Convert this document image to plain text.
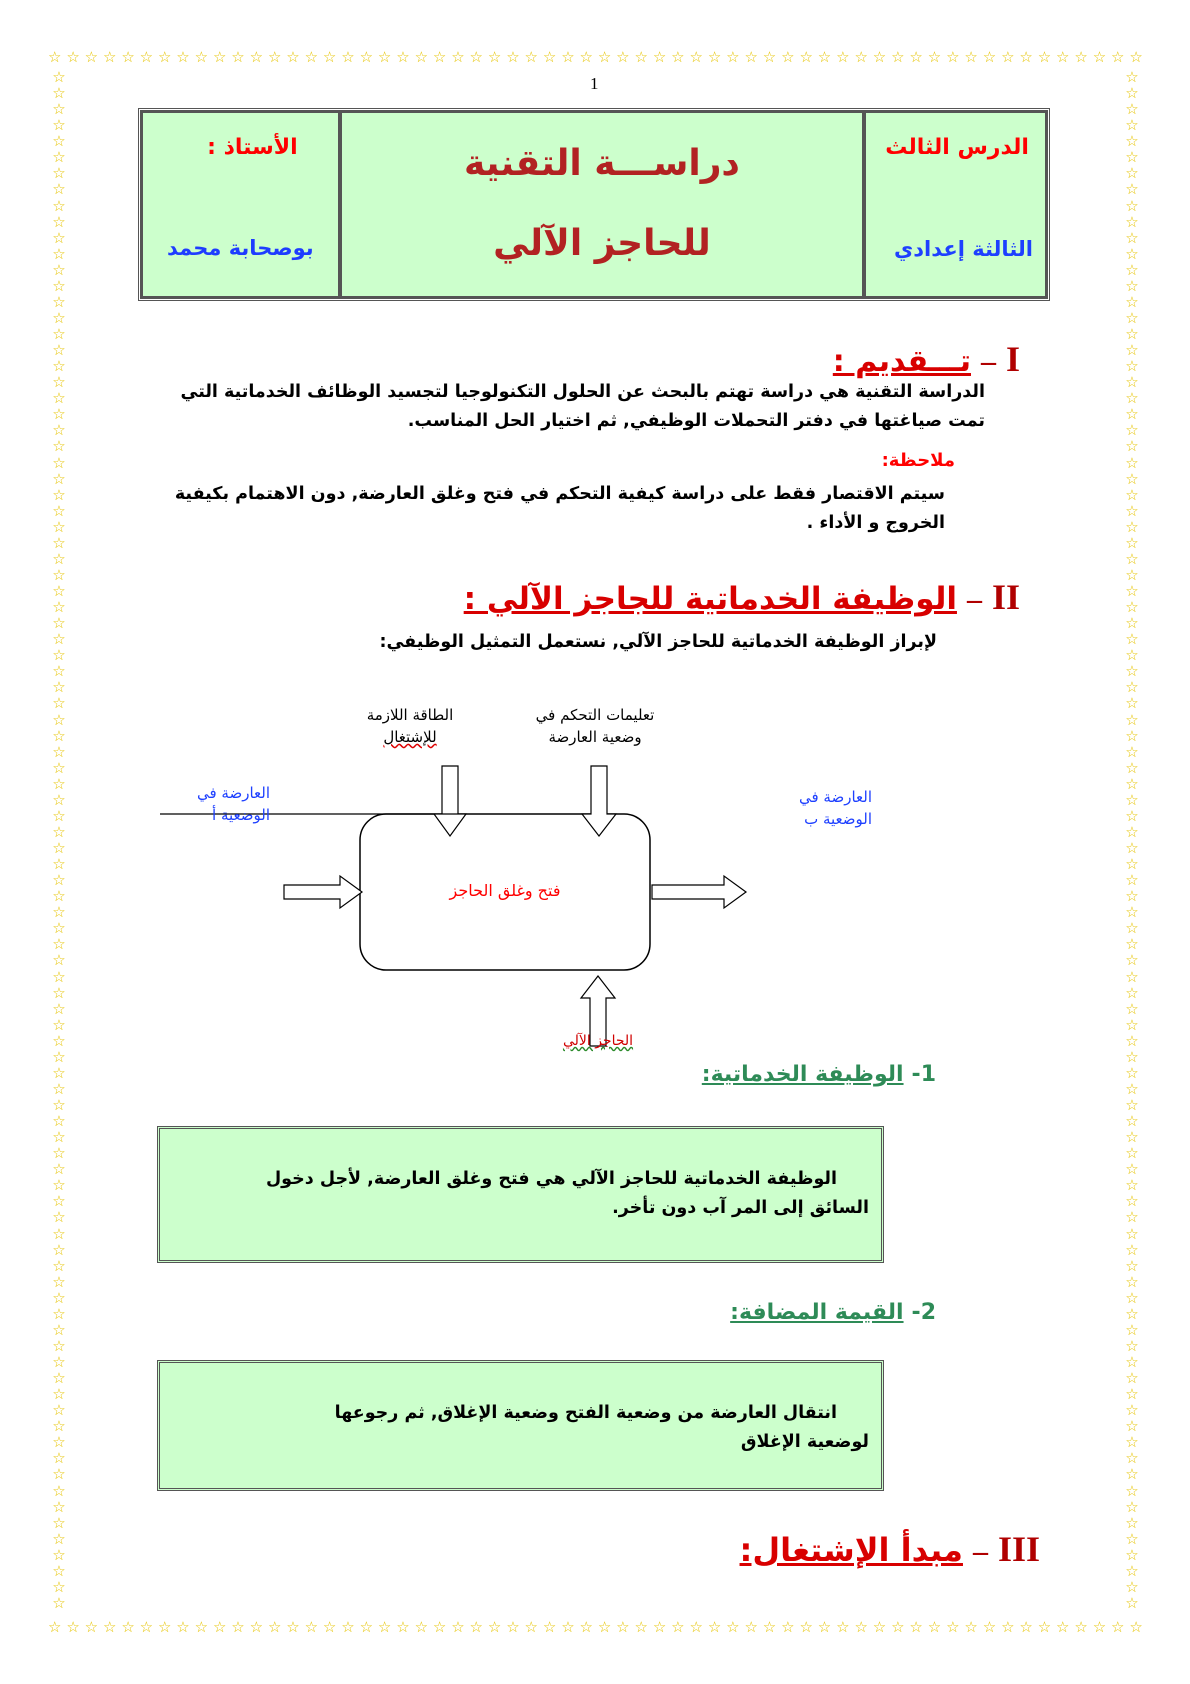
☆ ☆ ☆ ☆ ☆ ☆ ☆ ☆ ☆ ☆ ☆ ☆ ☆ ☆ ☆ ☆ ☆ ☆ ☆ ☆ ☆ ☆ ☆ ☆ ☆ ☆ ☆ ☆ ☆ ☆ ☆ ☆ ☆ ☆ ☆ ☆ ☆ ☆ ☆ ☆ ☆ ☆ ☆ ☆ ☆ ☆ ☆ ☆ ☆ ☆ ☆ ☆ ☆ ☆ ☆ ☆ ☆ ☆ ☆ ☆
☆ ☆ ☆ ☆ ☆ ☆ ☆ ☆ ☆ ☆ ☆ ☆ ☆ ☆ ☆ ☆ ☆ ☆ ☆ ☆ ☆ ☆ ☆ ☆ ☆ ☆ ☆ ☆ ☆ ☆ ☆ ☆ ☆ ☆ ☆ ☆ ☆ ☆ ☆ ☆ ☆ ☆ ☆ ☆ ☆ ☆ ☆ ☆ ☆ ☆ ☆ ☆ ☆ ☆ ☆ ☆ ☆ ☆ ☆ ☆
☆
☆
☆
☆
☆
☆
☆
☆
☆
☆
☆
☆
☆
☆
☆
☆
☆
☆
☆
☆
☆
☆
☆
☆
☆
☆
☆
☆
☆
☆
☆
☆
☆
☆
☆
☆
☆
☆
☆
☆
☆
☆
☆
☆
☆
☆
☆
☆
☆
☆
☆
☆
☆
☆
☆
☆
☆
☆
☆
☆
☆
☆
☆
☆
☆
☆
☆
☆
☆
☆
☆
☆
☆
☆
☆
☆
☆
☆
☆
☆
☆
☆
☆
☆
☆
☆
☆
☆
☆
☆
☆
☆
☆
☆
☆
☆
☆
☆
☆
☆
☆
☆
☆
☆
☆
☆
☆
☆
☆
☆
☆
☆
☆
☆
☆
☆
☆
☆
☆
☆
☆
☆
☆
☆
☆
☆
☆
☆
☆
☆
☆
☆
☆
☆
☆
☆
☆
☆
☆
☆
☆
☆
☆
☆
☆
☆
☆
☆
☆
☆
☆
☆
☆
☆
☆
☆
☆
☆
☆
☆
☆
☆
☆
☆
☆
☆
☆
☆
☆
☆
☆
☆
☆
☆
☆
☆
☆
☆
☆
☆
☆
☆
☆
☆
☆
☆
☆
☆
☆
☆
☆
☆
1
الأستاذ :
بوصحابة محمد
دراســـة التقنية
للحاجز الآلي
الدرس الثالث
الثالثة إعدادي
I
–
تـــقديم :
الدراسة التقنية هي دراسة تهتم بالبحث عن الحلول التكنولوجيا لتجسيد الوظائف الخدماتية التي
تمت صياغتها في دفتر التحملات الوظيفي, ثم اختيار الحل المناسب.
ملاحظة:
سيتم الاقتصار فقط على دراسة كيفية التحكم في فتح وغلق العارضة, دون الاهتمام بكيفية
الخروج و الأداء .
II
–
الوظيفة الخدماتية للجاجز الآلي :
لإبراز الوظيفة الخدماتية للحاجز الآلي, نستعمل التمثيل الوظيفي:
الطاقة اللازمة
للإشتغال
تعليمات التحكم في
وضعية العارضة
العارضة في
الوضعية أ
العارضة في
الوضعية ب
فتح وغلق الحاجز
الحاجز الآلي
1-
الوظيفة الخدماتية:
الوظيفة الخدماتية للحاجز الآلي هي فتح وغلق العارضة, لأجل دخول
السائق إلى المر آب دون تأخر.
2-
القيمة المضافة:
انتقال العارضة من وضعية الفتح وضعية الإغلاق, ثم رجوعها
لوضعية الإغلاق
III
–
مبدأ الإشتغال:
